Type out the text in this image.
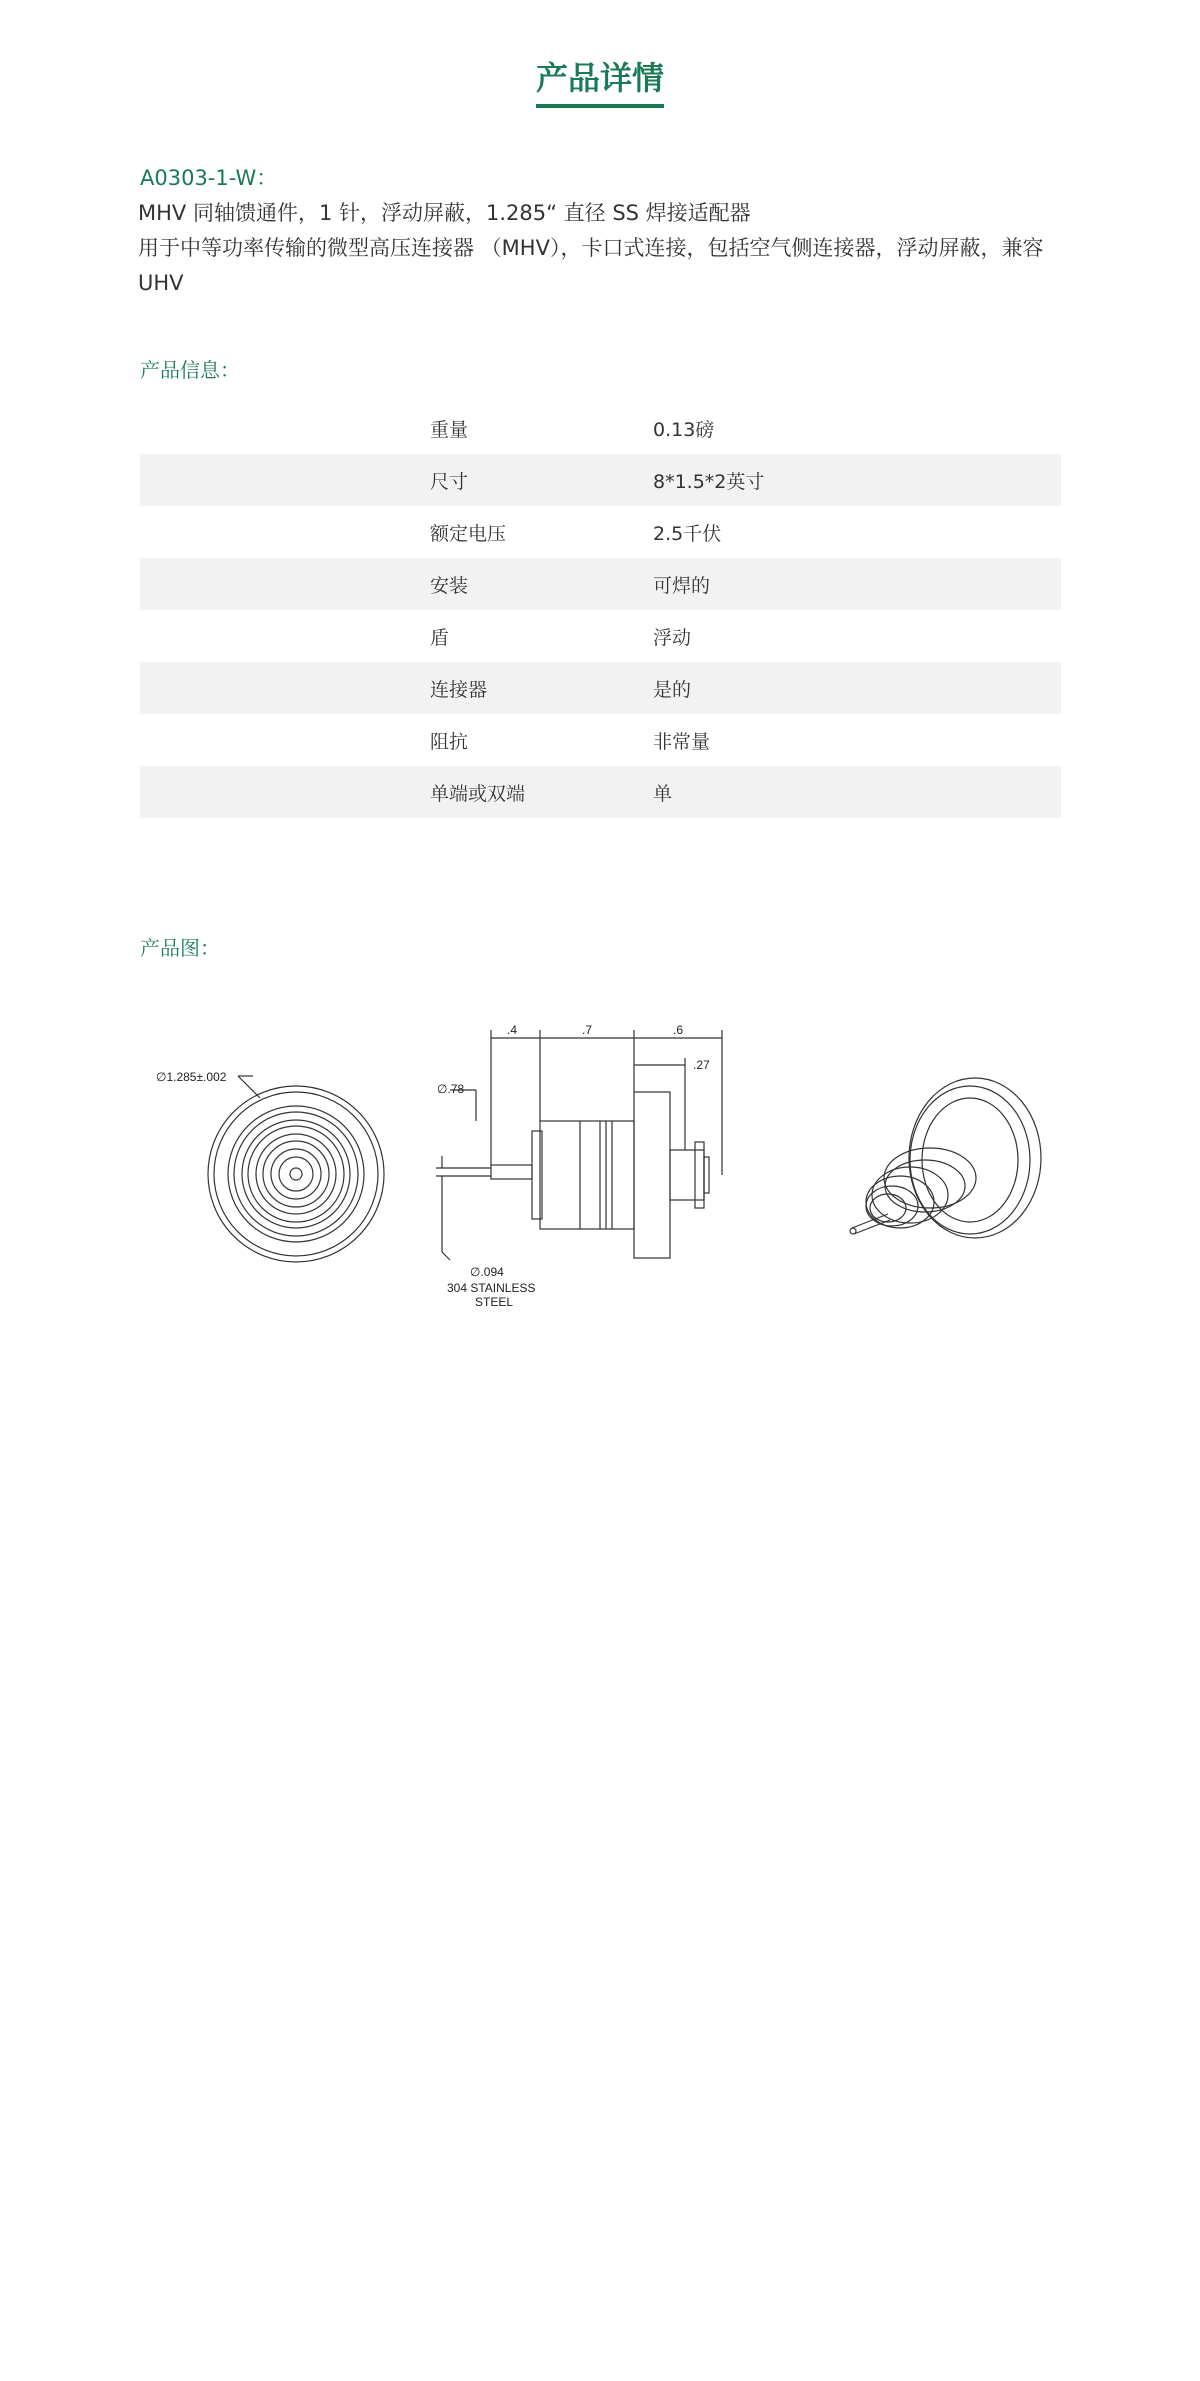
产品详情
A0303-1-W：

MHV 同轴馈通件，1 针，浮动屏蔽，1.285“ 直径 SS 焊接适配器

用于中等功率传输的微型高压连接器 （MHV），卡口式连接，包括空气侧连接器，浮动屏蔽，兼容 UHV

产品信息：
重量	0.13磅
尺寸	8*1.5*2英寸
额定电压	2.5千伏
安装	可焊的
盾	浮动
连接器	是的
阻抗	非常量
单端或双端	单
产品图：
∅1.285±.002
∅.78
.4	.7	.6
.27
∅.094
304 STAINLESS
STEEL
